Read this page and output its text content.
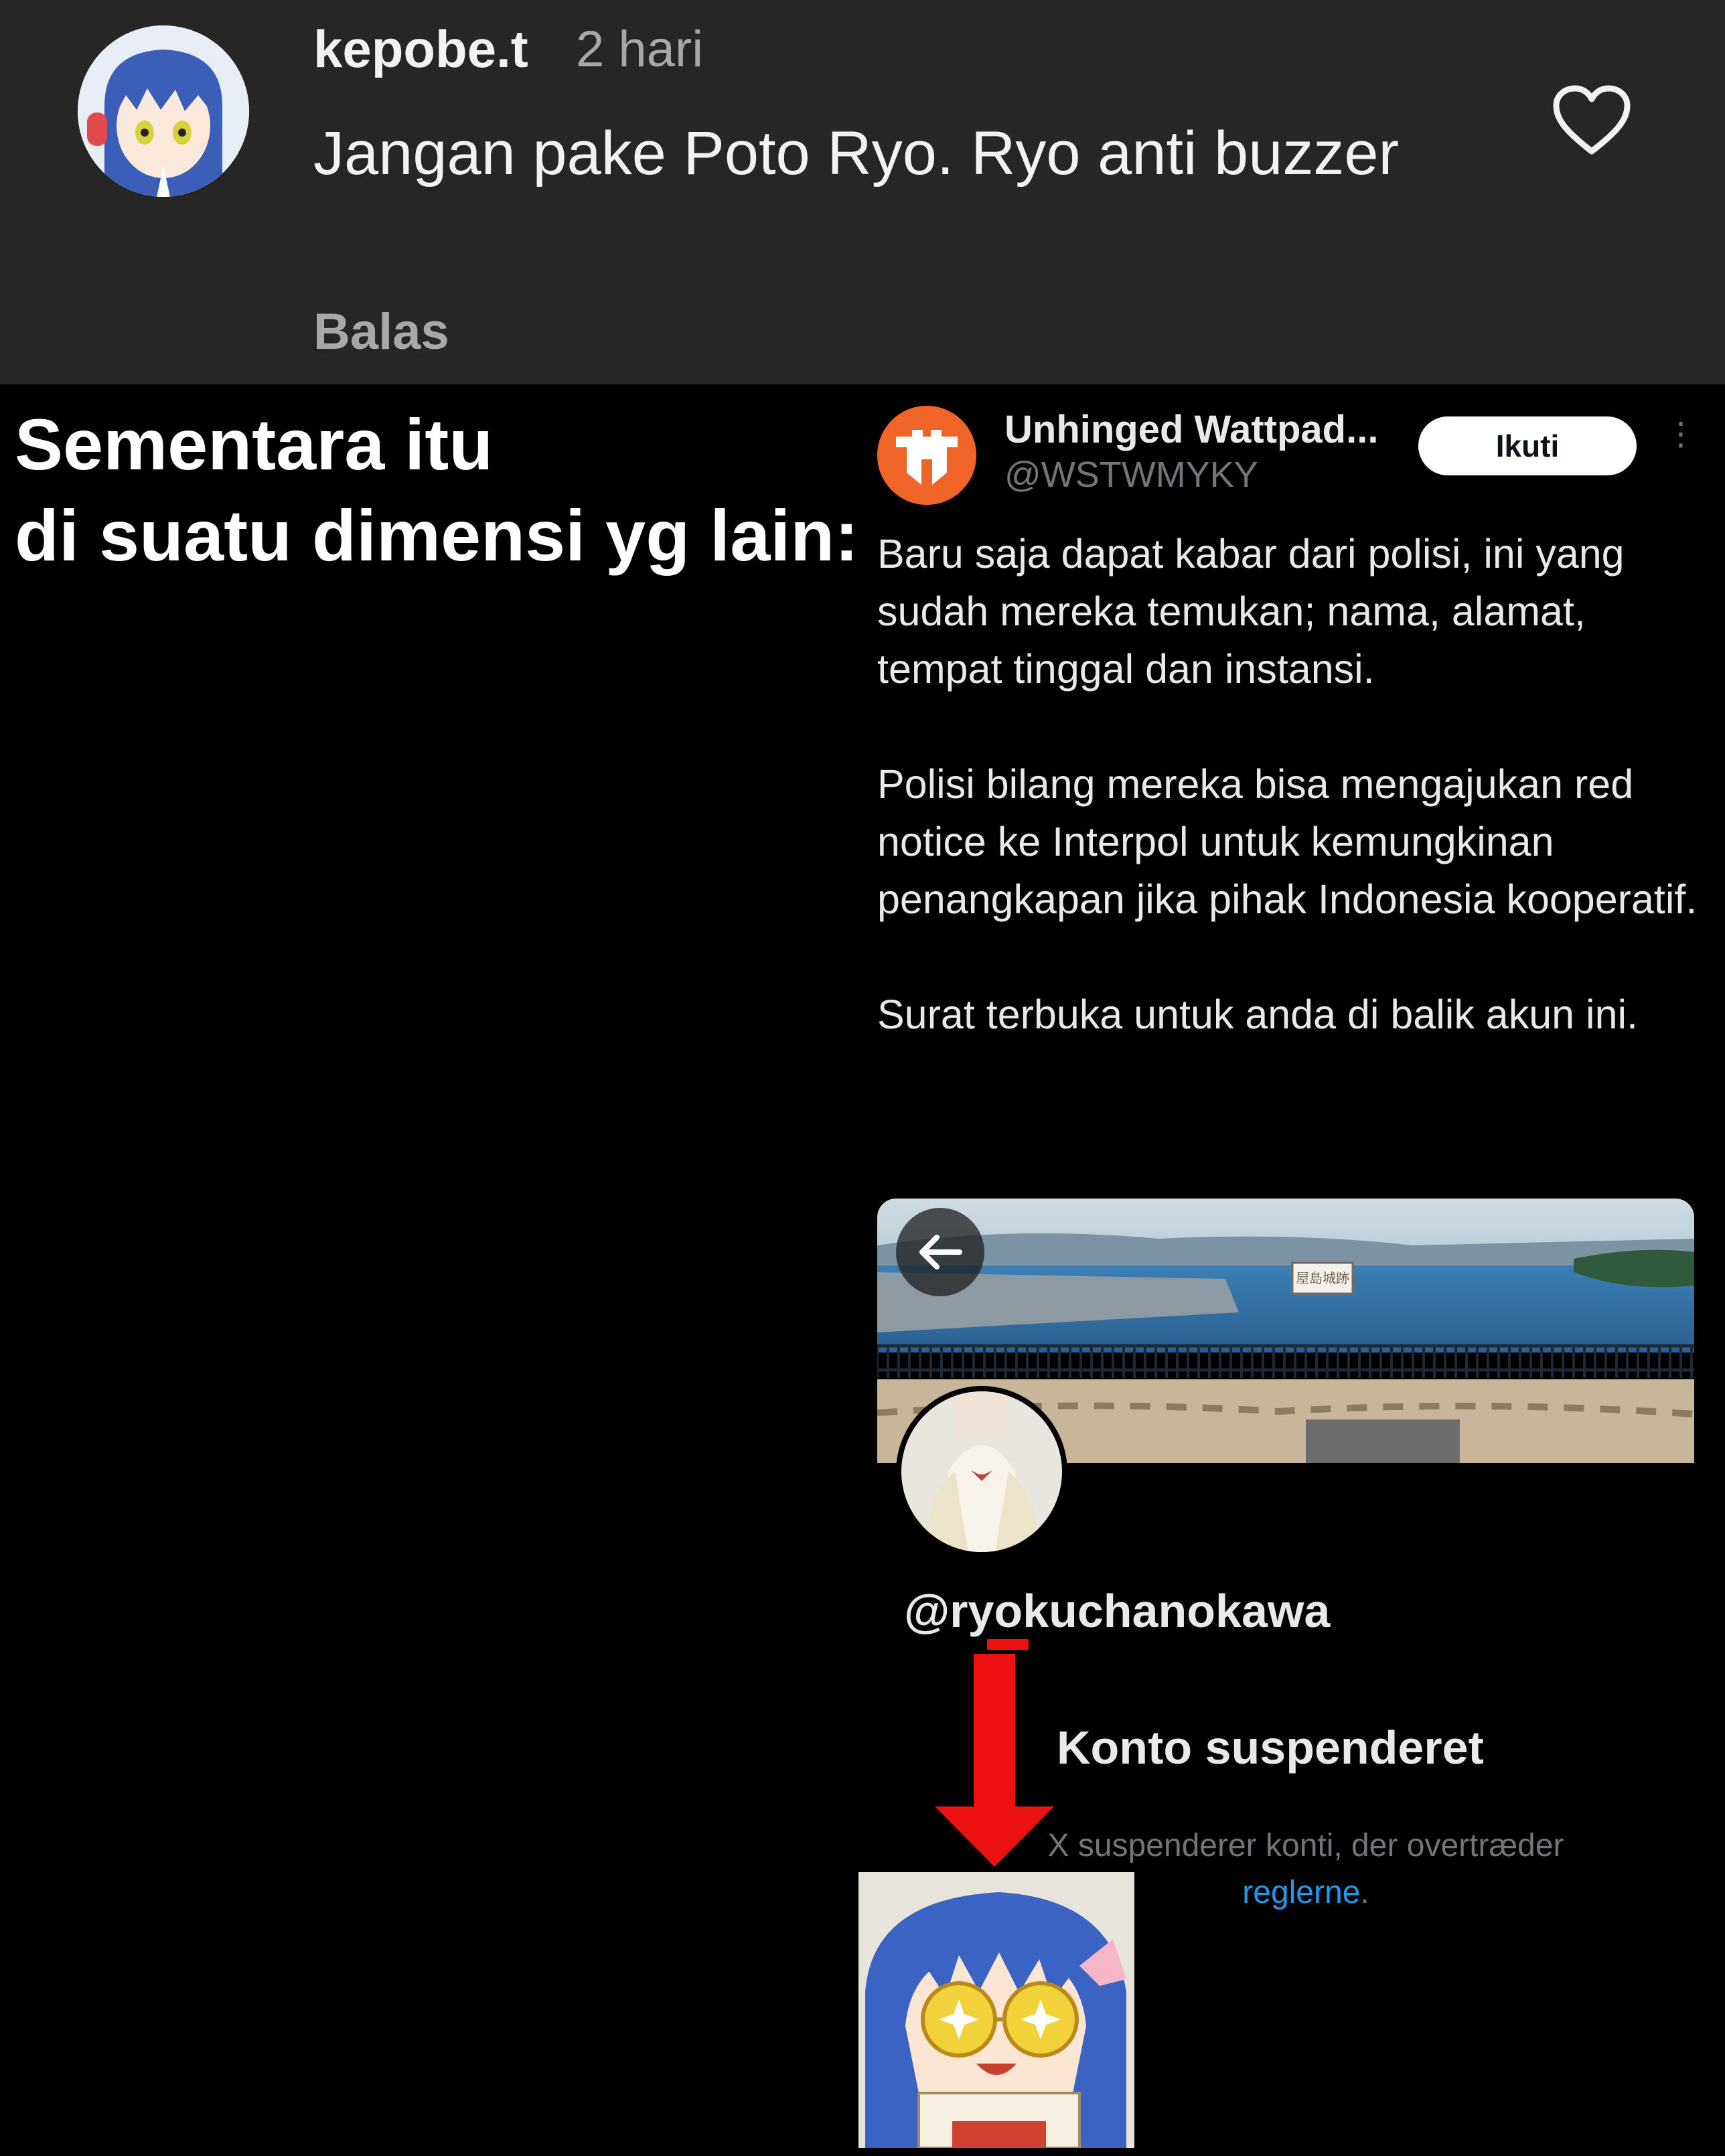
kepobe.t 2 hari
Jangan pake Poto Ryo. Ryo anti buzzer
Balas
Sementara itu
di suatu dimensi yg lain:
Unhinged Wattpad...
@WSTWMYKY
Ikuti	⋮

Baru saja dapat kabar dari polisi, ini yang sudah mereka temukan; nama, alamat, tempat tinggal dan instansi.

Polisi bilang mereka bisa mengajukan red notice ke Interpol untuk kemungkinan penangkapan jika pihak Indonesia kooperatif.

Surat terbuka untuk anda di balik akun ini.

屋島城跡
@ryokuchanokawa
Konto suspenderet
X suspenderer konti, der overtræder
reglerne.
